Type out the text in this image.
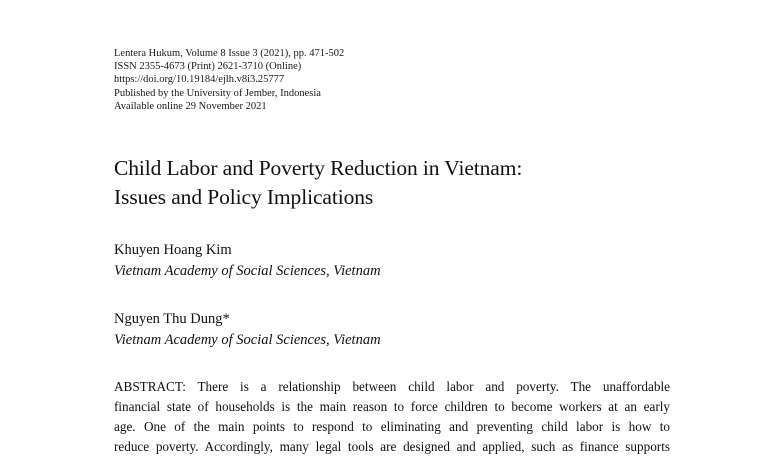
Lentera Hukum, Volume 8 Issue 3 (2021), pp. 471-502
ISSN 2355-4673 (Print) 2621-3710 (Online)
https://doi.org/10.19184/ejlh.v8i3.25777
Published by the University of Jember, Indonesia
Available online 29 November 2021
Child Labor and Poverty Reduction in Vietnam:
Issues and Policy Implications
Khuyen Hoang Kim
Vietnam Academy of Social Sciences, Vietnam
Nguyen Thu Dung*
Vietnam Academy of Social Sciences, Vietnam
ABSTRACT: There is a relationship between child labor and poverty. The unaffordable
financial state of households is the main reason to force children to become workers at an early
age. One of the main points to respond to eliminating and preventing child labor is how to
reduce poverty. Accordingly, many legal tools are designed and applied, such as finance supports
